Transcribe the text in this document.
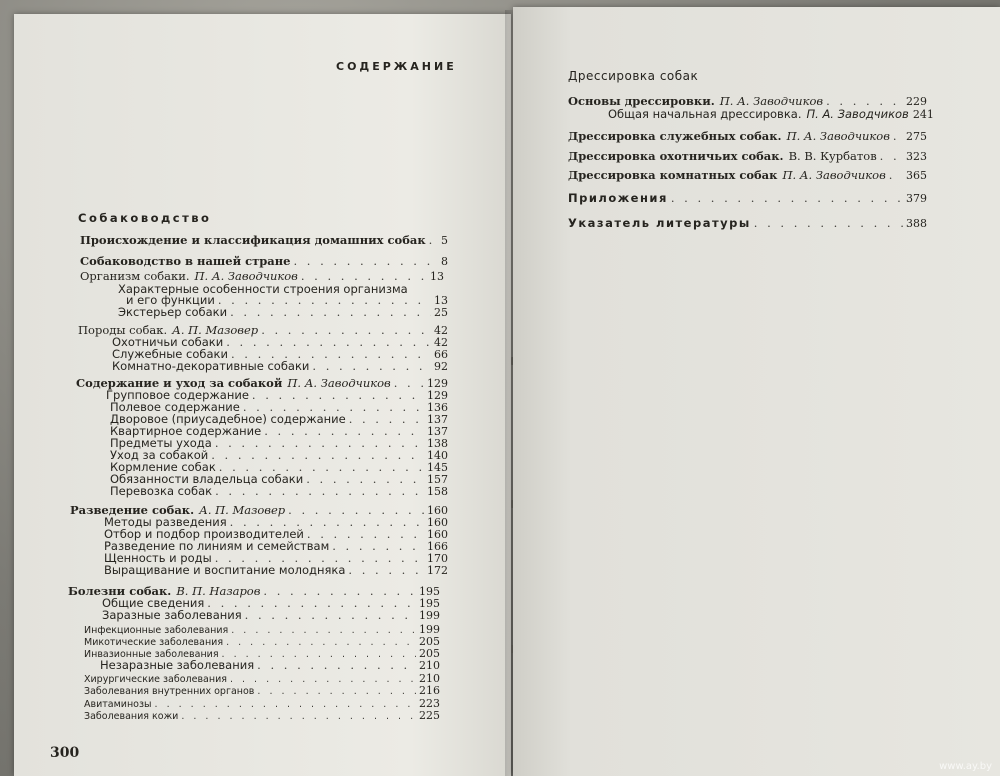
СОДЕРЖАНИЕ
Собаководство
Происхождение и классификация домашних собак . . . 5
Собаководство в нашей стране . . .	8
Организм собаки. П. А. Заводчиков . . .	13
Характерные особенности строения организма
и его функции . . .	13
Экстерьер собаки . . .	25
Породы собак. А. П. Мазовер . . .	42
Охотничьи собаки . . .	42
Служебные собаки . . .	66
Комнатно-декоративные собаки . . .	92
Содержание и уход за собакой П. А. Заводчиков . . .	129
Групповое содержание . . .	129
Полевое содержание . . .	136
Дворовое (приусадебное) содержание . . .	137
Квартирное содержание . . .	137
Предметы ухода . . .	138
Уход за собакой . . .	140
Кормление собак . . .	145
Обязанности владельца собаки . . .	157
Перевозка собак . . .	158
Разведение собак. А. П. Мазовер . . .	160
Методы разведения . . .	160
Отбор и подбор производителей . . .	160
Разведение по линиям и семействам . . .	166
Щенность и роды . . .	170
Выращивание и воспитание молодняка . . .	172
Болезни собак. В. П. Назаров . . .	195
Общие сведения . . .	195
Заразные заболевания . . .	199
Инфекционные заболевания . . .	199
Микотические заболевания . . .	205
Инвазионные заболевания . . .	205
Незаразные заболевания . . .	210
Хирургические заболевания . . .	210
Заболевания внутренних органов . . .	216
Авитаминозы . . .	223
Заболевания кожи . . .	225
300
Дрессировка собак
Основы дрессировки. П. А. Заводчиков . . .	229
Общая начальная дрессировка. П. А. Заводчиков 241
Дрессировка служебных собак. П. А. Заводчиков . . . 275
Дрессировка охотничьих собак. В. В. Курбатов . . .	323
Дрессировка комнатных собак П. А. Заводчиков . . . 365
Приложения . . .	379
Указатель литературы . . .	388
www.ay.by
